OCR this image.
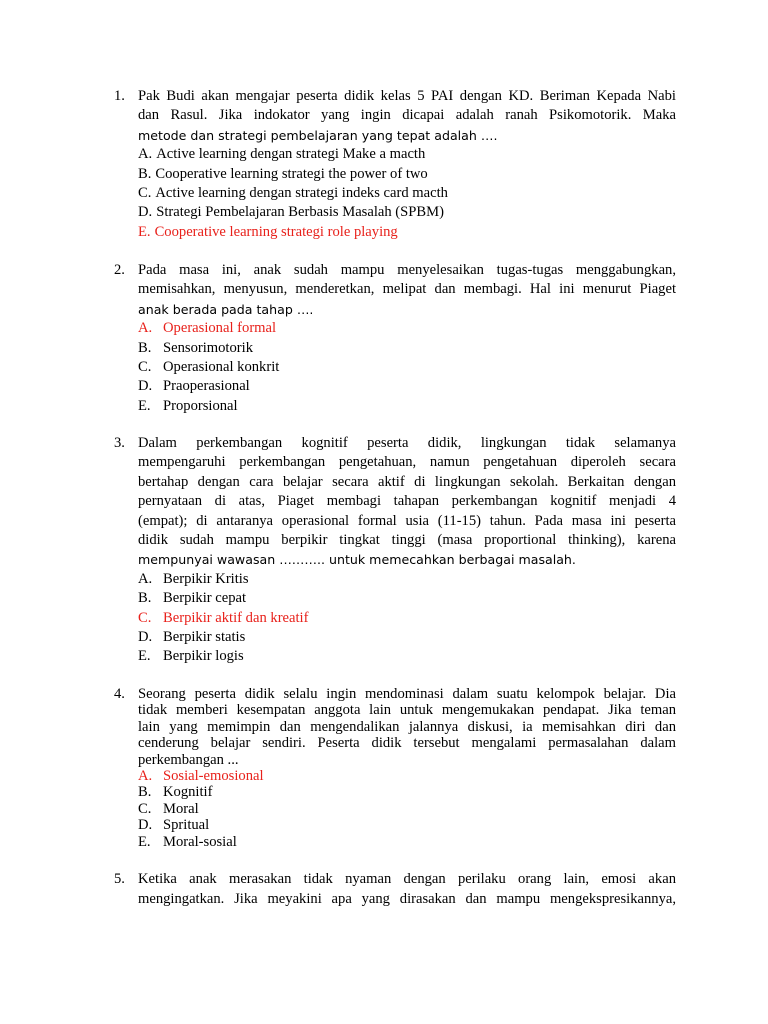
1. Pak Budi akan mengajar peserta didik kelas 5 PAI dengan KD. Beriman Kepada Nabi
dan Rasul. Jika indokator yang ingin dicapai adalah ranah Psikomotorik. Maka
metode dan strategi pembelajaran yang tepat adalah ….
A. Active learning dengan strategi Make a macth
B. Cooperative learning strategi the power of two
C. Active learning dengan strategi indeks card macth
D. Strategi Pembelajaran Berbasis Masalah (SPBM)
E. Cooperative learning strategi role playing
2. Pada masa ini, anak sudah mampu menyelesaikan tugas-tugas menggabungkan,
memisahkan, menyusun, menderetkan, melipat dan membagi. Hal ini menurut Piaget
anak berada pada tahap ….
A. Operasional formal
B. Sensorimotorik
C. Operasional konkrit
D. Praoperasional
E. Proporsional
3. Dalam perkembangan kognitif peserta didik, lingkungan tidak selamanya
mempengaruhi perkembangan pengetahuan, namun pengetahuan diperoleh secara
bertahap dengan cara belajar secara aktif di lingkungan sekolah. Berkaitan dengan
pernyataan di atas, Piaget membagi tahapan perkembangan kognitif menjadi 4
(empat); di antaranya operasional formal usia (11-15) tahun. Pada masa ini peserta
didik sudah mampu berpikir tingkat tinggi (masa proportional thinking), karena
mempunyai wawasan ……….. untuk memecahkan berbagai masalah.
A. Berpikir Kritis
B. Berpikir cepat
C. Berpikir aktif dan kreatif
D. Berpikir statis
E. Berpikir logis
4. Seorang peserta didik selalu ingin mendominasi dalam suatu kelompok belajar. Dia
tidak memberi kesempatan anggota lain untuk mengemukakan pendapat. Jika teman
lain yang memimpin dan mengendalikan jalannya diskusi, ia memisahkan diri dan
cenderung belajar sendiri. Peserta didik tersebut mengalami permasalahan dalam
perkembangan ...
A. Sosial-emosional
B. Kognitif
C. Moral
D. Spritual
E. Moral-sosial
5. Ketika anak merasakan tidak nyaman dengan perilaku orang lain, emosi akan
mengingatkan. Jika meyakini apa yang dirasakan dan mampu mengekspresikannya,
